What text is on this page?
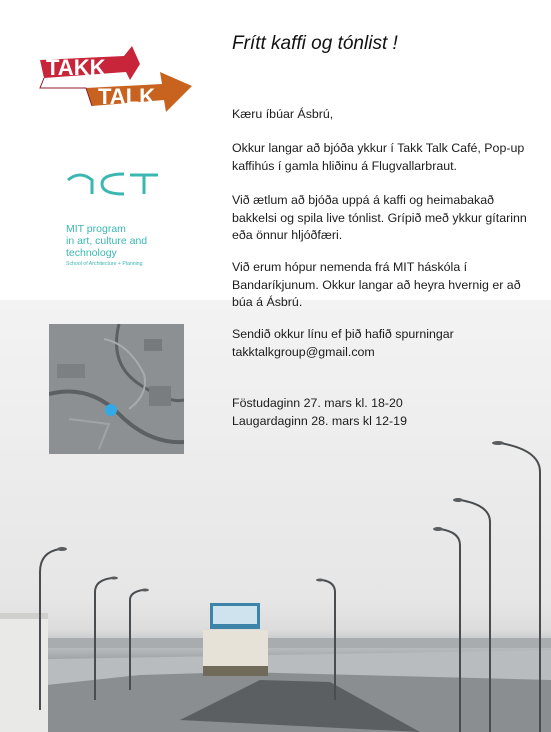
TAKK
TALK
MIT program
in art, culture and
technology
School of Architecture + Planning
Frítt kaffi og tónlist !
Kæru íbúar Ásbrú,
Okkur langar að bjóða ykkur í Takk Talk Café, Pop-up kaffihús í gamla hliðinu á Flugvallarbraut.
Við ætlum að bjóða uppá á kaffi og heimabakað bakkelsi og spila live tónlist. Grípið með ykkur gítarinn eða önnur hljóðfæri.
Við erum hópur nemenda frá MIT háskóla í Bandaríkjunum. Okkur langar að heyra hvernig er að búa á Ásbrú.
Sendið okkur línu ef þið hafið spurningar
takktalkgroup@gmail.com
Föstudaginn 27. mars kl. 18-20
Laugardaginn 28. mars kl 12-19
